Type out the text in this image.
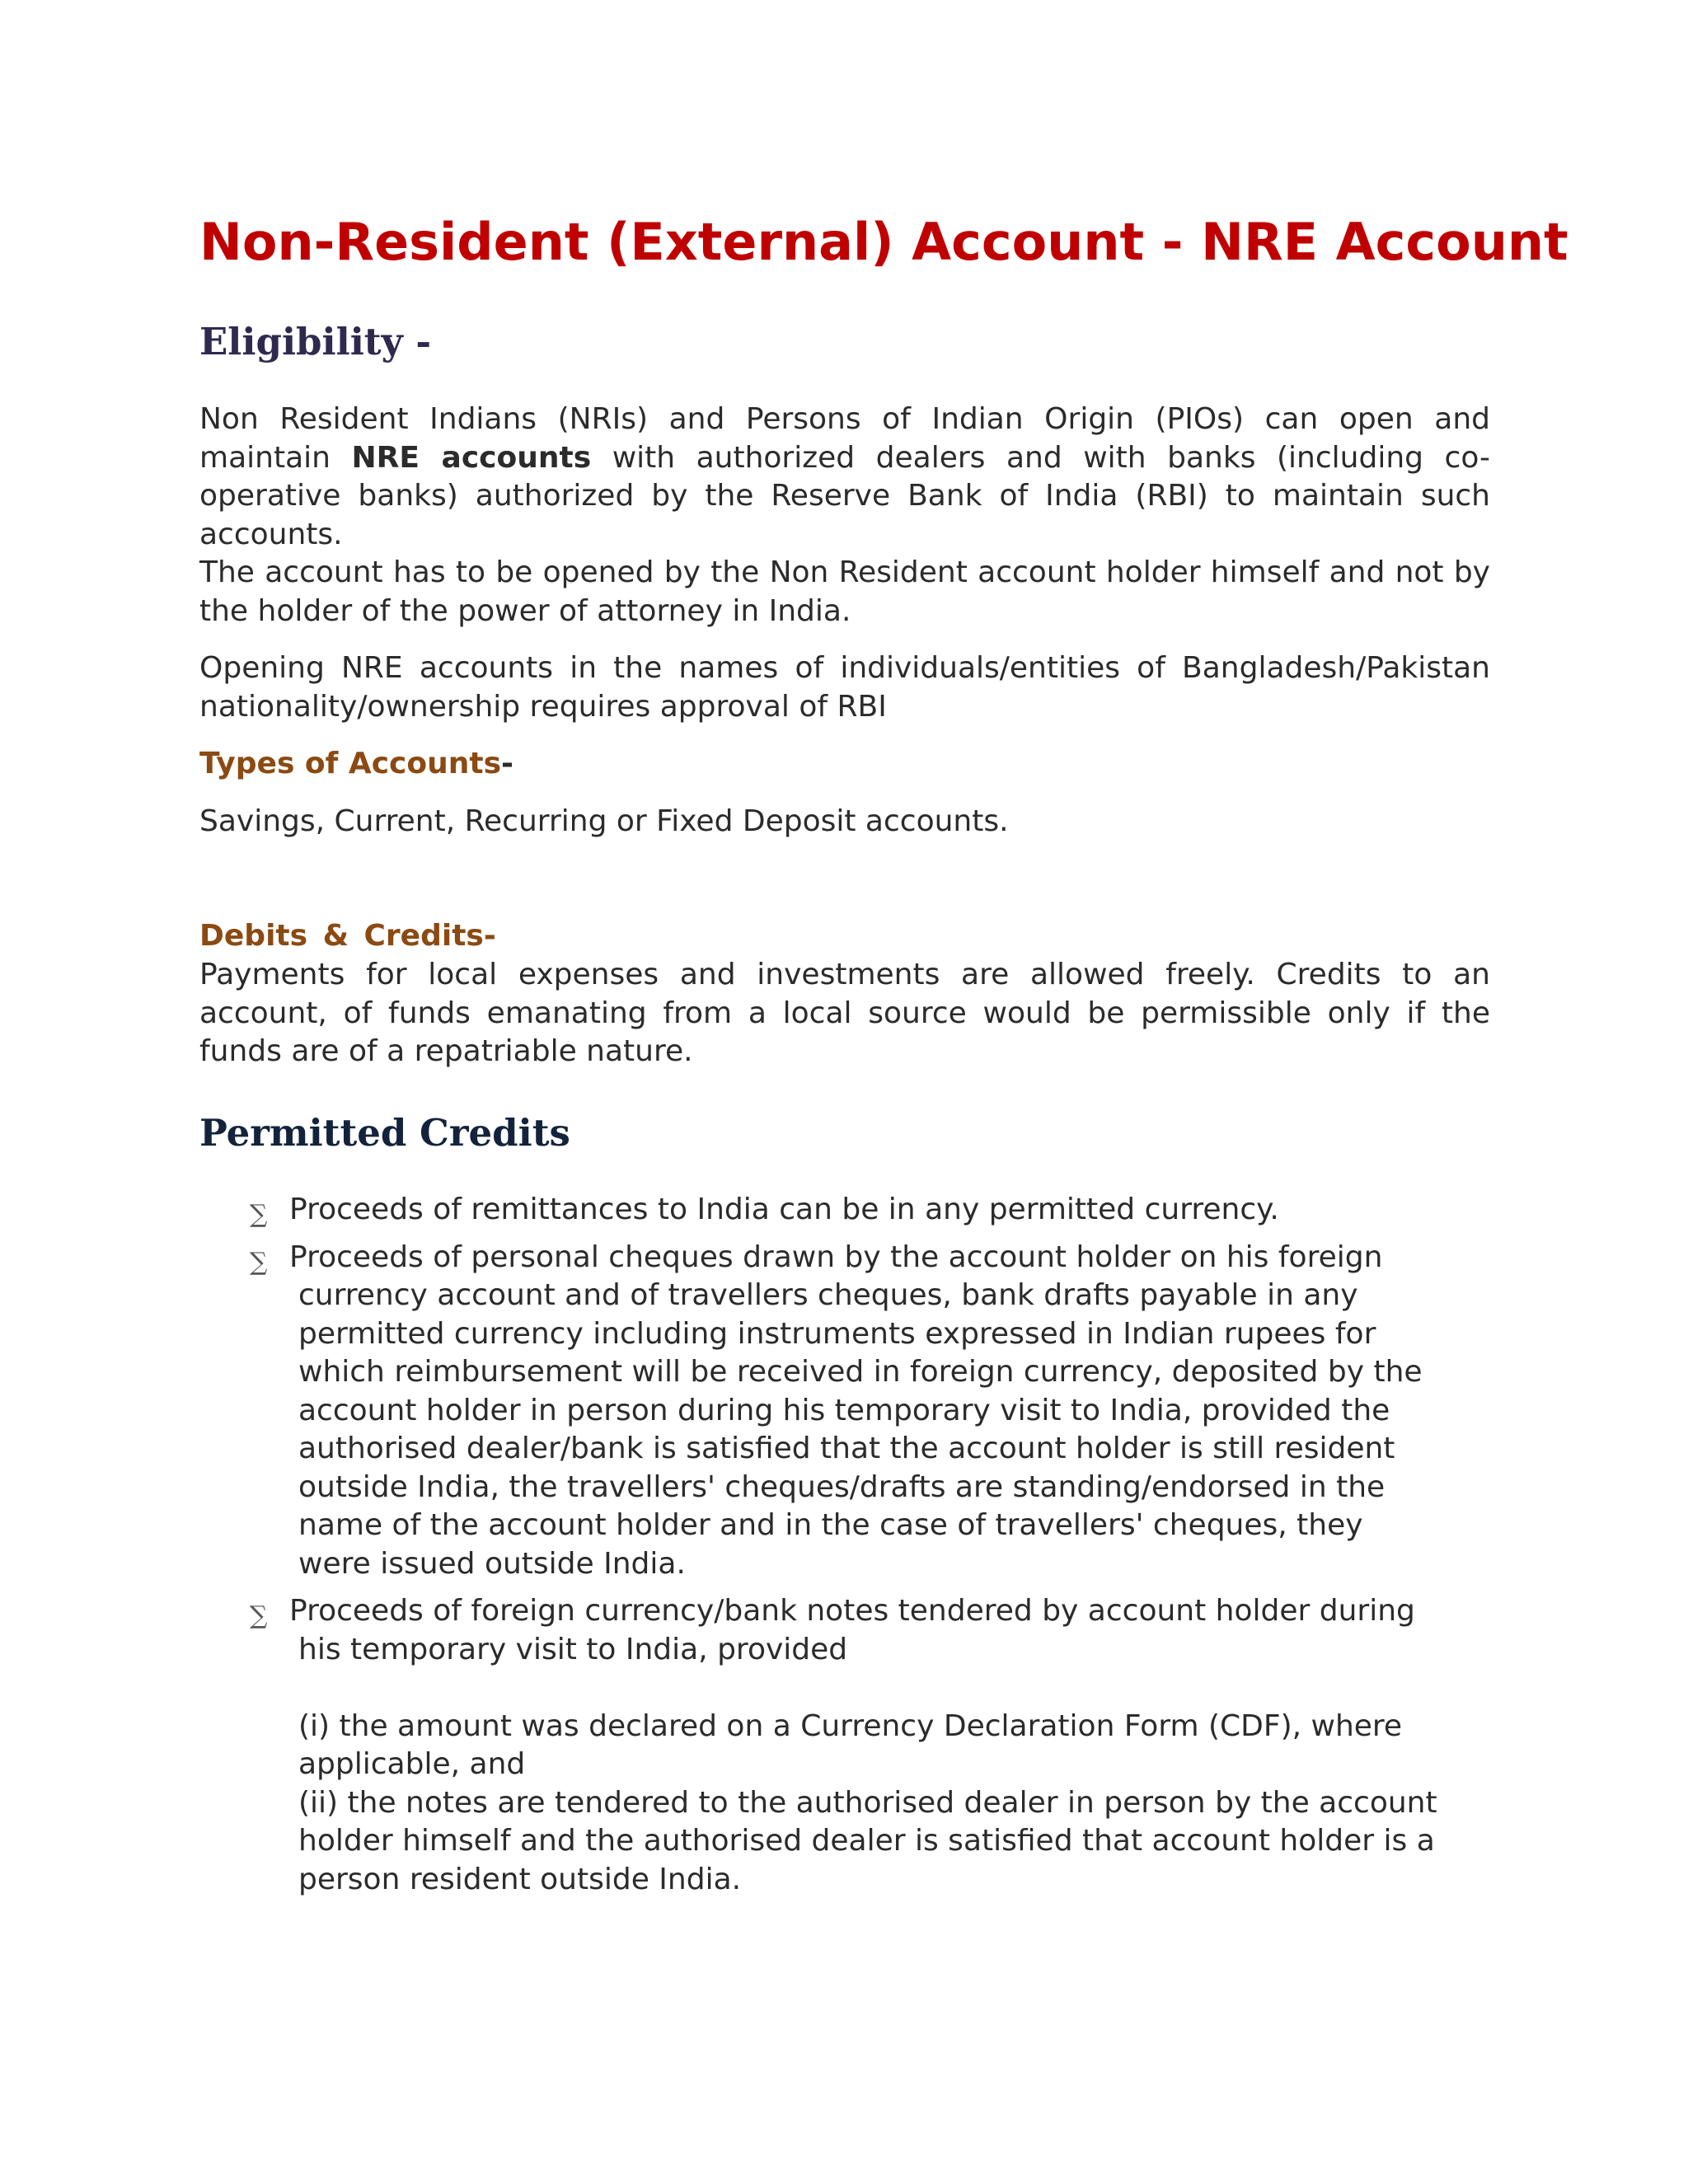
Non-Resident (External) Account - NRE Account
Eligibility -

Non Resident Indians (NRIs) and Persons of Indian Origin (PIOs) can open and maintain NRE accounts with authorized dealers and with banks (including co-operative banks) authorized by the Reserve Bank of India (RBI) to maintain such accounts.
The account has to be opened by the Non Resident account holder himself and not by the holder of the power of attorney in India.

Opening NRE accounts in the names of individuals/entities of Bangladesh/Pakistan nationality/ownership requires approval of RBI

Types of Accounts-

Savings, Current, Recurring or Fixed Deposit accounts.

Debits & Credits-

Payments for local expenses and investments are allowed freely. Credits to an account, of funds emanating from a local source would be permissible only if the funds are of a repatriable nature.

Permitted Credits
∑ Proceeds of remittances to India can be in any permitted currency.
∑ Proceeds of personal cheques drawn by the account holder on his foreign currency account and of travellers cheques, bank drafts payable in any permitted currency including instruments expressed in Indian rupees for which reimbursement will be received in foreign currency, deposited by the account holder in person during his temporary visit to India, provided the authorised dealer/bank is satisfied that the account holder is still resident outside India, the travellers' cheques/drafts are standing/endorsed in the name of the account holder and in the case of travellers' cheques, they were issued outside India.
∑ Proceeds of foreign currency/bank notes tendered by account holder during his temporary visit to India, provided
(i) the amount was declared on a Currency Declaration Form (CDF), where applicable, and
(ii) the notes are tendered to the authorised dealer in person by the account holder himself and the authorised dealer is satisfied that account holder is a person resident outside India.
